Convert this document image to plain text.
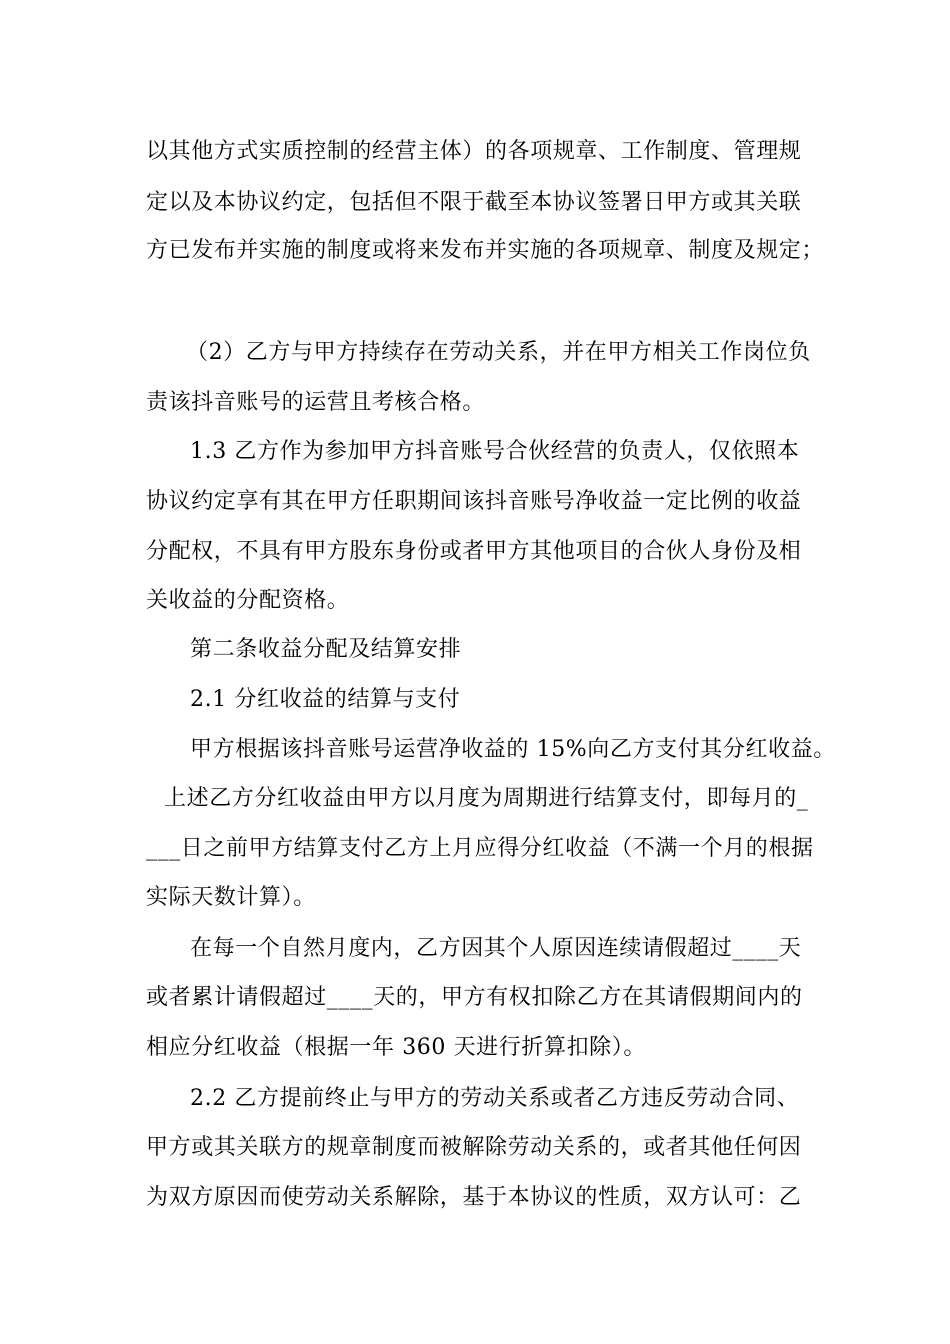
以其他方式实质控制的经营主体）的各项规章、工作制度、管理规
定以及本协议约定，包括但不限于截至本协议签署日甲方或其关联
方已发布并实施的制度或将来发布并实施的各项规章、制度及规定；
（2）乙方与甲方持续存在劳动关系，并在甲方相关工作岗位负
责该抖音账号的运营且考核合格。
1.3 乙方作为参加甲方抖音账号合伙经营的负责人，仅依照本
协议约定享有其在甲方任职期间该抖音账号净收益一定比例的收益
分配权，不具有甲方股东身份或者甲方其他项目的合伙人身份及相
关收益的分配资格。
第二条收益分配及结算安排
2.1 分红收益的结算与支付
甲方根据该抖音账号运营净收益的 15%向乙方支付其分红收益。
上述乙方分红收益由甲方以月度为周期进行结算支付，即每月的_
___日之前甲方结算支付乙方上月应得分红收益（不满一个月的根据
实际天数计算）。
在每一个自然月度内，乙方因其个人原因连续请假超过____天
或者累计请假超过____天的，甲方有权扣除乙方在其请假期间内的
相应分红收益（根据一年 360 天进行折算扣除）。
2.2 乙方提前终止与甲方的劳动关系或者乙方违反劳动合同、
甲方或其关联方的规章制度而被解除劳动关系的，或者其他任何因
为双方原因而使劳动关系解除，基于本协议的性质，双方认可：乙
